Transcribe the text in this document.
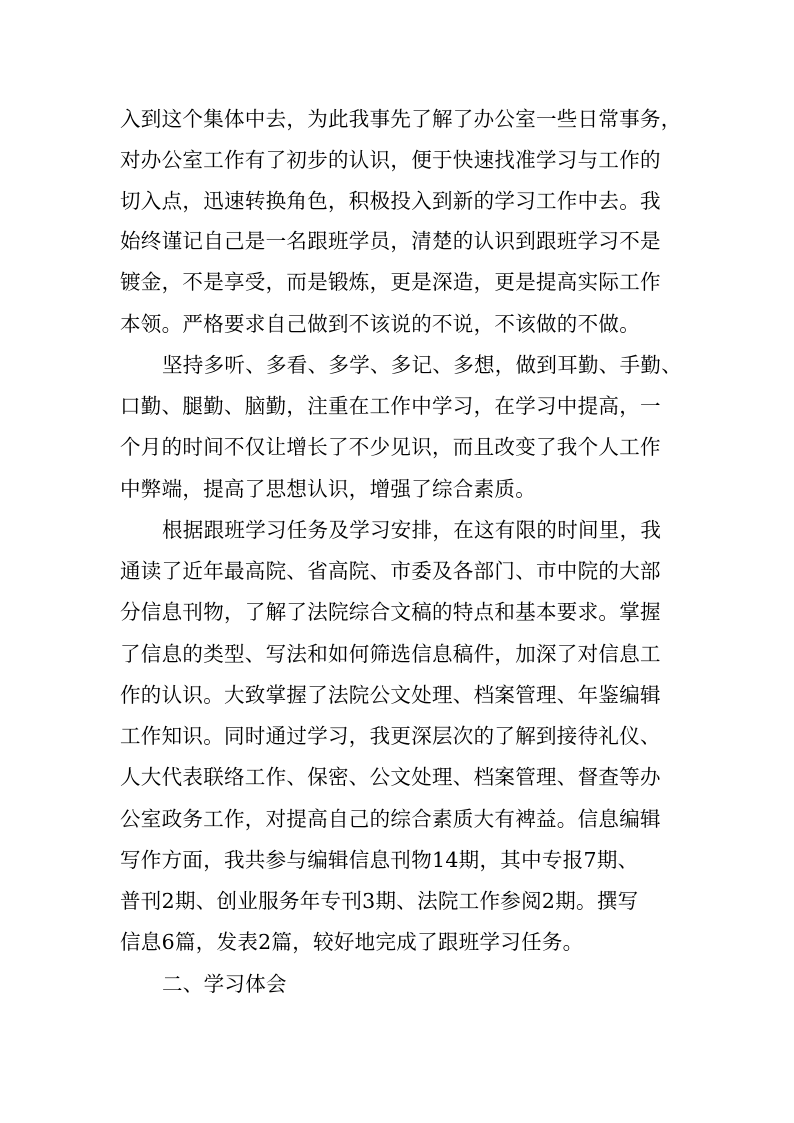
入到这个集体中去，为此我事先了解了办公室一些日常事务，
对办公室工作有了初步的认识，便于快速找准学习与工作的
切入点，迅速转换角色，积极投入到新的学习工作中去。我
始终谨记自己是一名跟班学员，清楚的认识到跟班学习不是
镀金，不是享受，而是锻炼，更是深造，更是提高实际工作
本领。严格要求自己做到不该说的不说，不该做的不做。
坚持多听、多看、多学、多记、多想，做到耳勤、手勤、
口勤、腿勤、脑勤，注重在工作中学习，在学习中提高，一
个月的时间不仅让增长了不少见识，而且改变了我个人工作
中弊端，提高了思想认识，增强了综合素质。
根据跟班学习任务及学习安排，在这有限的时间里，我
通读了近年最高院、省高院、市委及各部门、市中院的大部
分信息刊物，了解了法院综合文稿的特点和基本要求。掌握
了信息的类型、写法和如何筛选信息稿件，加深了对信息工
作的认识。大致掌握了法院公文处理、档案管理、年鉴编辑
工作知识。同时通过学习，我更深层次的了解到接待礼仪、
人大代表联络工作、保密、公文处理、档案管理、督查等办
公室政务工作，对提高自己的综合素质大有裨益。信息编辑
写作方面，我共参与编辑信息刊物14期，其中专报7期、
普刊2期、创业服务年专刊3期、法院工作参阅2期。撰写
信息6篇，发表2篇，较好地完成了跟班学习任务。
二、学习体会
